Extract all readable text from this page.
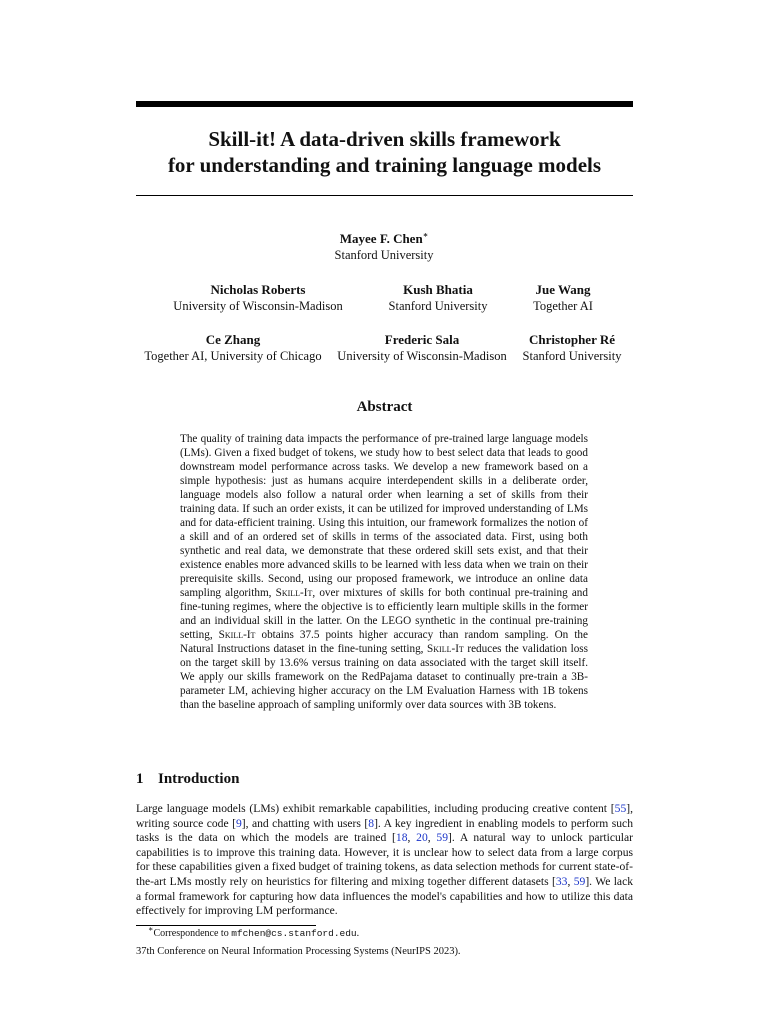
Skill-it! A data-driven skills framework
for understanding and training language models
Mayee F. Chen∗
Stanford University
Nicholas Roberts
University of Wisconsin-Madison
Kush Bhatia
Stanford University
Jue Wang
Together AI
Ce Zhang
Together AI, University of Chicago
Frederic Sala
University of Wisconsin-Madison
Christopher Ré
Stanford University
Abstract
The quality of training data impacts the performance of pre-trained large language models (LMs). Given a fixed budget of tokens, we study how to best select data that leads to good downstream model performance across tasks. We develop a new framework based on a simple hypothesis: just as humans acquire interdependent skills in a deliberate order, language models also follow a natural order when learning a set of skills from their training data. If such an order exists, it can be utilized for improved understanding of LMs and for data-efficient training. Using this intuition, our framework formalizes the notion of a skill and of an ordered set of skills in terms of the associated data. First, using both synthetic and real data, we demonstrate that these ordered skill sets exist, and that their existence enables more advanced skills to be learned with less data when we train on their prerequisite skills. Second, using our proposed framework, we introduce an online data sampling algorithm, Skill-It, over mixtures of skills for both continual pre-training and fine-tuning regimes, where the objective is to efficiently learn multiple skills in the former and an individual skill in the latter. On the LEGO synthetic in the continual pre-training setting, Skill-It obtains 37.5 points higher accuracy than random sampling. On the Natural Instructions dataset in the fine-tuning setting, Skill-It reduces the validation loss on the target skill by 13.6% versus training on data associated with the target skill itself. We apply our skills framework on the RedPajama dataset to continually pre-train a 3B-parameter LM, achieving higher accuracy on the LM Evaluation Harness with 1B tokens than the baseline approach of sampling uniformly over data sources with 3B tokens.
1 Introduction
Large language models (LMs) exhibit remarkable capabilities, including producing creative content [55], writing source code [9], and chatting with users [8]. A key ingredient in enabling models to perform such tasks is the data on which the models are trained [18, 20, 59]. A natural way to unlock particular capabilities is to improve this training data. However, it is unclear how to select data from a large corpus for these capabilities given a fixed budget of training tokens, as data selection methods for current state-of-the-art LMs mostly rely on heuristics for filtering and mixing together different datasets [33, 59]. We lack a formal framework for capturing how data influences the model's capabilities and how to utilize this data effectively for improving LM performance.
∗Correspondence to mfchen@cs.stanford.edu.
37th Conference on Neural Information Processing Systems (NeurIPS 2023).
